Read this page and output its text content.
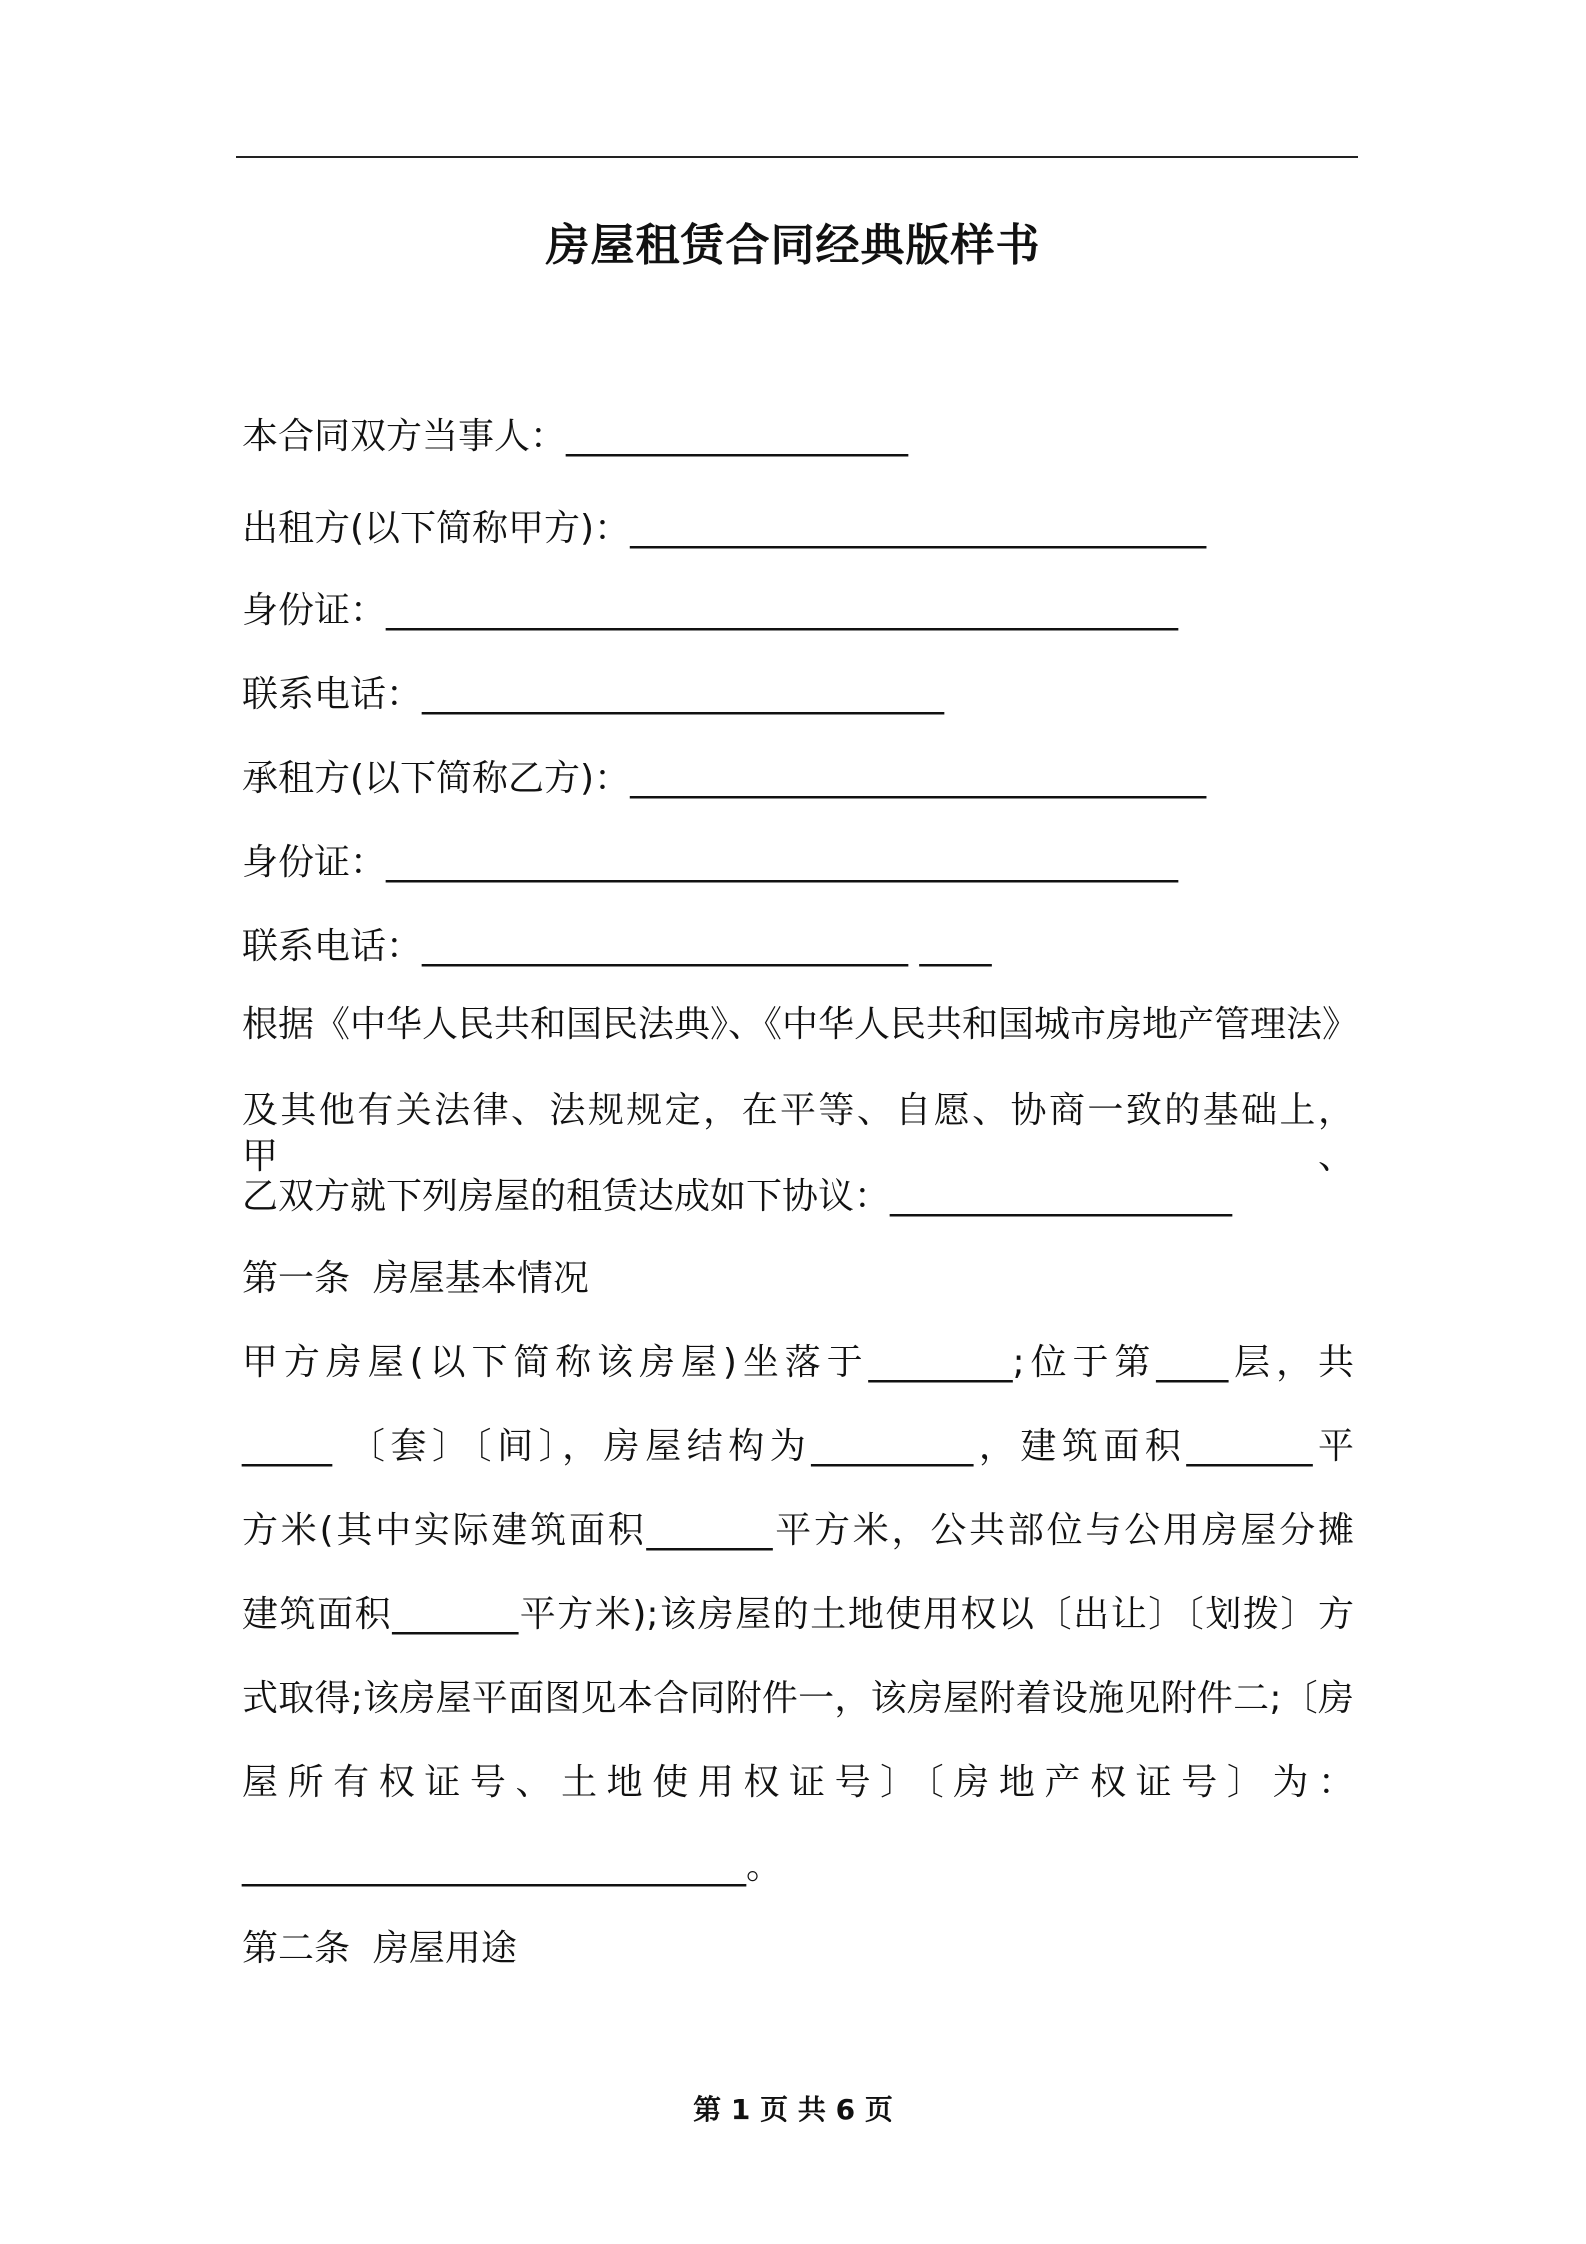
房屋租赁合同经典版样书
本合同双方当事人：___________________
出租方(以下简称甲方)：________________________________
身份证：____________________________________________
联系电话：_____________________________
承租方(以下简称乙方)：________________________________
身份证：____________________________________________
联系电话：___________________________ ____
根据《中华人民共和国民法典》、《中华人民共和国城市房地产管理法》
及其他有关法律、法规规定，在平等、自愿、协商一致的基础上，甲、
乙双方就下列房屋的租赁达成如下协议：___________________
第一条  房屋基本情况
甲方房屋(以下简称该房屋)坐落于________;位于第____层，共
_____ 〔套〕〔间〕，房屋结构为_________，建筑面积_______平
方米(其中实际建筑面积_______平方米，公共部位与公用房屋分摊
建筑面积_______平方米);该房屋的土地使用权以〔出让〕〔划拨〕方
式取得;该房屋平面图见本合同附件一，该房屋附着设施见附件二;〔房
屋所有权证号、土地使用权证号〕〔房地产权证号〕为：
____________________________。
第二条  房屋用途
第 1 页 共 6 页
